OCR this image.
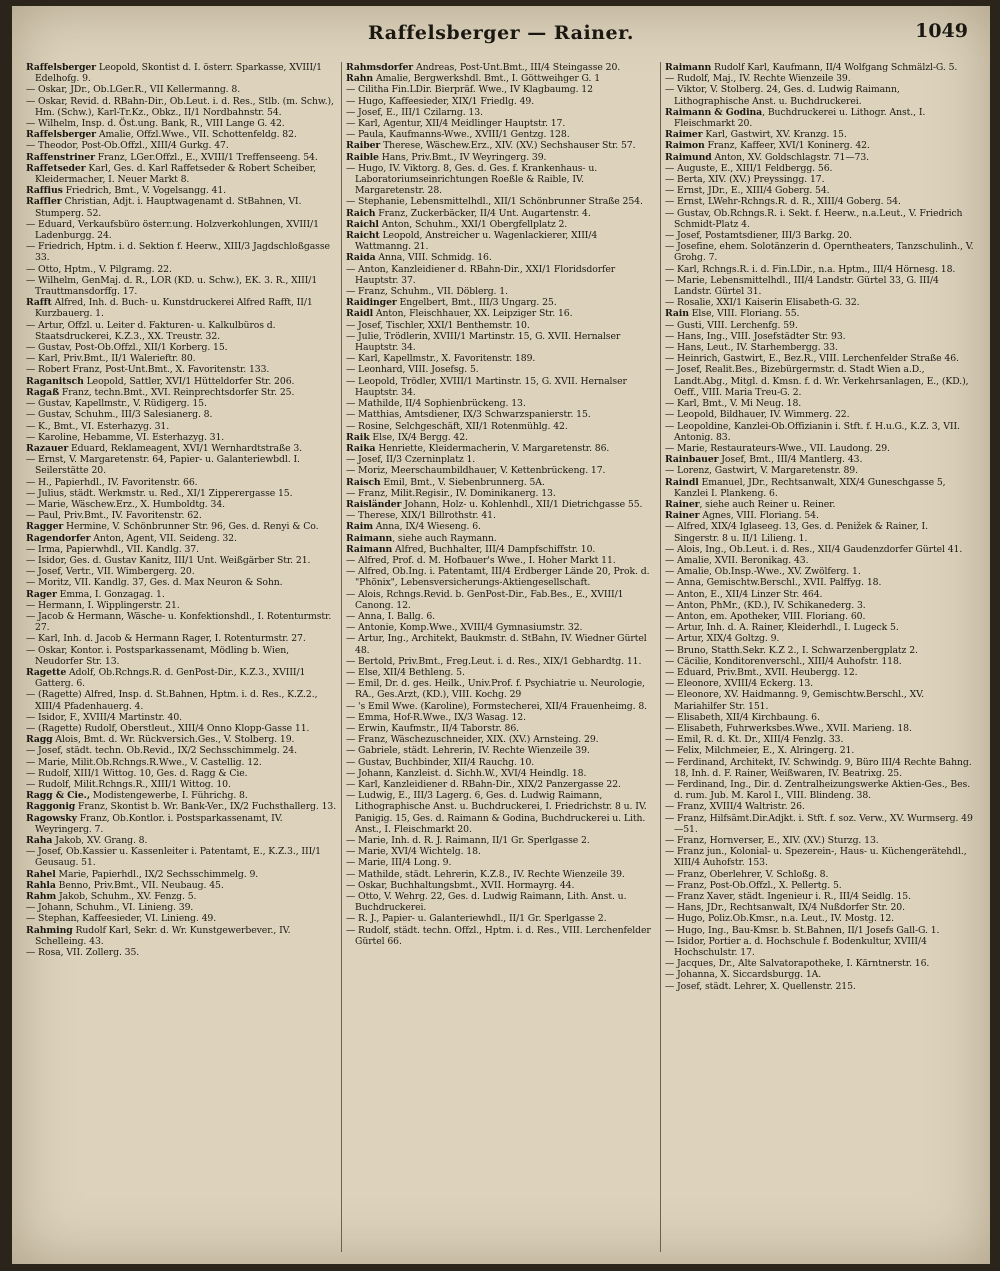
Raffelsberger — Rainer.	1049
Raffelsberger Leopold, Skontist d. I. österr. Sparkasse, XVIII/1 Edelhofg. 9.
— Oskar, JDr., Ob.LGer.R., VII Kellermanng. 8.
— Oskar, Revid. d. RBahn-Dir., Ob.Leut. i. d. Res., Stlb. (m. Schw.), Hm. (Schw.), Karl-Tr.Kz., Obkz., II/1 Nordbahnstr. 54.
— Wilhelm, Insp. d. Öst.ung. Bank, R., VIII Lange G. 42.
Raffelsberger Amalie, Offzl.Wwe., VII. Schottenfeldg. 82.
— Theodor, Post-Ob.Offzl., XIII/4 Gurkg. 47.
Raffenstriner Franz, LGer.Offzl., E., XVIII/1 Treffenseeng. 54.
Raffetseder Karl, Ges. d. Karl Raffetseder & Robert Scheiber, Kleidermacher, I. Neuer Markt 8.
Raffius Friedrich, Bmt., V. Vogelsangg. 41.
Raffler Christian, Adjt. i. Hauptwagenamt d. StBahnen, VI. Stumperg. 52.
— Eduard, Verkaufsbüro österr.ung. Holzverkohlungen, XVIII/1 Ladenburgg. 24.
— Friedrich, Hptm. i. d. Sektion f. Heerw., XIII/3 Jagdschloßgasse 33.
— Otto, Hptm., V. Pilgramg. 22.
— Wilhelm, GenMaj. d. R., LOR (KD. u. Schw.), EK. 3. R., XIII/1 Trauttmansdorffg. 17.
Rafft Alfred, Inh. d. Buch- u. Kunstdruckerei Alfred Rafft, II/1 Kurzbauerg. 1.
— Artur, Offzl. u. Leiter d. Fakturen- u. Kalkulbüros d. Staatsdruckerei, K.Z.3., XX. Treustr. 32.
— Gustav, Post-Ob.Offzl., XII/1 Korberg. 15.
— Karl, Priv.Bmt., II/1 Walerieftr. 80.
— Robert Franz, Post-Unt.Bmt., X. Favoritenstr. 133.
Raganitsch Leopold, Sattler, XVI/1 Hütteldorfer Str. 206.
Ragaß Franz, techn.Bmt., XVI. Reinprechtsdorfer Str. 25.
— Gustav, Kapellmstr., V. Rüdigerg. 15.
— Gustav, Schuhm., III/3 Salesianerg. 8.
— K., Bmt., VI. Esterhazyg. 31.
— Karoline, Hebamme, VI. Esterhazyg. 31.
Razauer Eduard, Reklameagent, XVI/1 Wernhardtstraße 3.
— Ernst, V. Margaretenstr. 64, Papier- u. Galanteriewbdl. I. Seilerstätte 20.
— H., Papierhdl., IV. Favoritenstr. 66.
— Julius, städt. Werkmstr. u. Red., XI/1 Zipperergasse 15.
— Marie, Wäschew.Erz., X. Humboldtg. 34.
— Paul, Priv.Bmt., IV. Favoritenstr. 62.
Ragger Hermine, V. Schönbrunner Str. 96, Ges. d. Renyi & Co.
Ragendorfer Anton, Agent, VII. Seideng. 32.
— Irma, Papierwhdl., VII. Kandlg. 37.
— Isidor, Ges. d. Gustav Kanitz, III/1 Unt. Weißgärber Str. 21.
— Josef, Vertr., VII. Wimbergerg. 20.
— Moritz, VII. Kandlg. 37, Ges. d. Max Neuron & Sohn.
Rager Emma, I. Gonzagag. 1.
— Hermann, I. Wipplingerstr. 21.
— Jacob & Hermann, Wäsche- u. Konfektionshdl., I. Rotenturmstr. 27.
— Karl, Inh. d. Jacob & Hermann Rager, I. Rotenturmstr. 27.
— Oskar, Kontor. i. Postsparkassenamt, Mödling b. Wien, Neudorfer Str. 13.
Ragette Adolf, Ob.Rchngs.R. d. GenPost-Dir., K.Z.3., XVIII/1 Gatterg. 6.
— (Ragette) Alfred, Insp. d. St.Bahnen, Hptm. i. d. Res., K.Z.2., XIII/4 Pfadenhauerg. 4.
— Isidor, F., XVIII/4 Martinstr. 40.
— (Ragette) Rudolf, Oberstleut., XIII/4 Onno Klopp-Gasse 11.
Ragg Alois, Bmt. d. Wr. Rückversich.Ges., V. Stolberg. 19.
— Josef, städt. techn. Ob.Revid., IX/2 Sechsschimmelg. 24.
— Marie, Milit.Ob.Rchngs.R.Wwe., V. Castellig. 12.
— Rudolf, XIII/1 Wittog. 10, Ges. d. Ragg & Cie.
— Rudolf, Milit.Rchngs.R., XIII/1 Wittog. 10.
Ragg & Cie., Modistengewerbe, I. Führichg. 8.
Raggonig Franz, Skontist b. Wr. Bank-Ver., IX/2 Fuchsthallerg. 13.
Ragowsky Franz, Ob.Kontlor. i. Postsparkassenamt, IV. Weyringerg. 7.
Raha Jakob, XV. Grang. 8.
— Josef, Ob.Kassier u. Kassenleiter i. Patentamt, E., K.Z.3., III/1 Geusaug. 51.
Rahel Marie, Papierhdl., IX/2 Sechsschimmelg. 9.
Rahla Benno, Priv.Bmt., VII. Neubaug. 45.
Rahm Jakob, Schuhm., XV. Fenzg. 5.
— Johann, Schuhm., VI. Linieng. 39.
— Stephan, Kaffeesieder, VI. Linieng. 49.
Rahming Rudolf Karl, Sekr. d. Wr. Kunstgewerbever., IV. Schelleing. 43.
— Rosa, VII. Zollerg. 35.
Rahmsdorfer Andreas, Post-Unt.Bmt., III/4 Steingasse 20.
Rahn Amalie, Bergwerkshdl. Bmt., I. Göttweihger G. 1
— Cilitha Fin.LDir. Bierpräf. Wwe., IV Klagbaumg. 12
— Hugo, Kaffeesieder, XIX/1 Friedlg. 49.
— Josef, E., III/1 Czilarng. 13.
— Karl, Agentur, XII/4 Meidlinger Hauptstr. 17.
— Paula, Kaufmanns-Wwe., XVIII/1 Gentzg. 128.
Raiber Therese, Wäschew.Erz., XIV. (XV.) Sechshauser Str. 57.
Raible Hans, Priv.Bmt., IV Weyringerg. 39.
— Hugo, IV. Viktorg. 8, Ges. d. Ges. f. Krankenhaus- u. Laboratoriumseinrichtungen Roeßle & Raible, IV. Margaretenstr. 28.
— Stephanie, Lebensmittelhdl., XII/1 Schönbrunner Straße 254.
Raich Franz, Zuckerbäcker, II/4 Unt. Augartenstr. 4.
Raichl Anton, Schuhm., XXI/1 Obergfellplatz 2.
Raicht Leopold, Anstreicher u. Wagenlackierer, XIII/4 Wattmanng. 21.
Raida Anna, VIII. Schmidg. 16.
— Anton, Kanzleidiener d. RBahn-Dir., XXI/1 Floridsdorfer Hauptstr. 37.
— Franz, Schuhm., VII. Döblerg. 1.
Raidinger Engelbert, Bmt., III/3 Ungarg. 25.
Raidl Anton, Fleischhauer, XX. Leipziger Str. 16.
— Josef, Tischler, XXI/1 Benthemstr. 10.
— Julie, Trödlerin, XVIII/1 Martinstr. 15, G. XVII. Hernalser Hauptstr. 34.
— Karl, Kapellmstr., X. Favoritenstr. 189.
— Leonhard, VIII. Josefsg. 5.
— Leopold, Trödler, XVIII/1 Martinstr. 15, G. XVII. Hernalser Hauptstr. 34.
— Mathilde, II/4 Sophienbrückeng. 13.
— Matthias, Amtsdiener, IX/3 Schwarzspanierstr. 15.
— Rosine, Selchgeschäft, XII/1 Rotenmühlg. 42.
Raik Else, IX/4 Bergg. 42.
Raika Henriette, Kleidermacherin, V. Margaretenstr. 86.
— Josef, II/3 Czerninplatz 1.
— Moriz, Meerschaumbildhauer, V. Kettenbrückeng. 17.
Raisch Emil, Bmt., V. Siebenbrunnerg. 5A.
— Franz, Milit.Regisir., IV. Dominikanerg. 13.
Raisländer Johann, Holz- u. Kohlenhdl., XII/1 Dietrichgasse 55.
— Therese, XIX/1 Billrothstr. 41.
Raim Anna, IX/4 Wieseng. 6.
Raimann, siehe auch Raymann.
Raimann Alfred, Buchhalter, III/4 Dampfschiffstr. 10.
— Alfred, Prof. d. M. Hofbauer's Wwe., I. Hoher Markt 11.
— Alfred, Ob.Ing. i. Patentamt, III/4 Erdberger Lände 20, Prok. d. "Phönix", Lebensversicherungs-Aktiengesellschaft.
— Alois, Rchngs.Revid. b. GenPost-Dir., Fab.Bes., E., XVIII/1 Canong. 12.
— Anna, I. Ballg. 6.
— Antonie, Komp.Wwe., XVIII/4 Gymnasiumstr. 32.
— Artur, Ing., Architekt, Baukmstr. d. StBahn, IV. Wiedner Gürtel 48.
— Bertold, Priv.Bmt., Freg.Leut. i. d. Res., XIX/1 Gebhardtg. 11.
— Else, XII/4 Bethleng. 5.
— Emil, Dr. d. ges. Heilk., Univ.Prof. f. Psychiatrie u. Neurologie, RA., Ges.Arzt, (KD.), VIII. Kochg. 29
— 's Emil Wwe. (Karoline), Formstecherei, XII/4 Frauenheimg. 8.
— Emma, Hof-R.Wwe., IX/3 Wasag. 12.
— Erwin, Kaufmstr., II/4 Taborstr. 86.
— Franz, Wäschezuschneider, XIX. (XV.) Arnsteing. 29.
— Gabriele, städt. Lehrerin, IV. Rechte Wienzeile 39.
— Gustav, Buchbinder, XII/4 Rauchg. 10.
— Johann, Kanzleist. d. Sichh.W., XVI/4 Heindlg. 18.
— Karl, Kanzleidiener d. RBahn-Dir., XIX/2 Panzergasse 22.
— Ludwig, E., III/3 Lagerg. 6, Ges. d. Ludwig Raimann, Lithographische Anst. u. Buchdruckerei, I. Friedrichstr. 8 u. IV. Panigig. 15, Ges. d. Raimann & Godina, Buchdruckerei u. Lith. Anst., I. Fleischmarkt 20.
— Marie, Inh. d. R. J. Raimann, II/1 Gr. Sperlgasse 2.
— Marie, XVI/4 Wichtelg. 18.
— Marie, III/4 Long. 9.
— Mathilde, städt. Lehrerin, K.Z.8., IV. Rechte Wienzeile 39.
— Oskar, Buchhaltungsbmt., XVII. Hormayrg. 44.
— Otto, V. Wehrg. 22, Ges. d. Ludwig Raimann, Lith. Anst. u. Buchdruckerei.
— R. J., Papier- u. Galanteriewhdl., II/1 Gr. Sperlgasse 2.
— Rudolf, städt. techn. Offzl., Hptm. i. d. Res., VIII. Lerchenfelder Gürtel 66.
Raimann Rudolf Karl, Kaufmann, II/4 Wolfgang Schmälzl-G. 5.
— Rudolf, Maj., IV. Rechte Wienzeile 39.
— Viktor, V. Stolberg. 24, Ges. d. Ludwig Raimann, Lithographische Anst. u. Buchdruckerei.
Raimann & Godina, Buchdruckerei u. Lithogr. Anst., I. Fleischmarkt 20.
Raimer Karl, Gastwirt, XV. Kranzg. 15.
Raimon Franz, Kaffeer, XVI/1 Koninerg. 42.
Raimund Anton, XV. Goldschlagstr. 71—73.
— Auguste, E., XIII/1 Feldbergg. 56.
— Berta, XIV. (XV.) Preyssingg. 17.
— Ernst, JDr., E., XIII/4 Goberg. 54.
— Ernst, LWehr-Rchngs.R. d. R., XIII/4 Goberg. 54.
— Gustav, Ob.Rchngs.R. i. Sekt. f. Heerw., n.a.Leut., V. Friedrich Schmidt-Platz 4.
— Josef, Postamtsdiener, III/3 Barkg. 20.
— Josefine, ehem. Solotänzerin d. Operntheaters, Tanzschulinh., V. Grohg. 7.
— Karl, Rchngs.R. i. d. Fin.LDir., n.a. Hptm., III/4 Hörnesg. 18.
— Marie, Lebensmittelhdl., III/4 Landstr. Gürtel 33, G. III/4 Landstr. Gürtel 31.
— Rosalie, XXI/1 Kaiserin Elisabeth-G. 32.
Rain Else, VIII. Floriang. 55.
— Gusti, VIII. Lerchenfg. 59.
— Hans, Ing., VIII. Josefstädter Str. 93.
— Hans, Leut., IV. Starhembergg. 33.
— Heinrich, Gastwirt, E., Bez.R., VIII. Lerchenfelder Straße 46.
— Josef, Realit.Bes., Bizebürgermstr. d. Stadt Wien a.D., Landt.Abg., Mitgl. d. Kmsn. f. d. Wr. Verkehrsanlagen, E., (KD.), Oeff., VIII. Maria Treu-G. 2.
— Karl, Bmt., V. Mi Neug. 18.
— Leopold, Bildhauer, IV. Wimmerg. 22.
— Leopoldine, Kanzlei-Ob.Offizianin i. Stft. f. H.u.G., K.Z. 3, VII. Antonig. 83.
— Marie, Restaurateurs-Wwe., VII. Laudong. 29.
Rainbauer Josef, Bmt., III/4 Mantlerg. 43.
— Lorenz, Gastwirt, V. Margaretenstr. 89.
Raindl Emanuel, JDr., Rechtsanwalt, XIX/4 Guneschgasse 5, Kanzlei I. Plankeng. 6.
Rainer, siehe auch Reiner u. Reiner.
Rainer Agnes, VIII. Floriang. 54.
— Alfred, XIX/4 Iglaseeg. 13, Ges. d. Penižek & Rainer, I. Singerstr. 8 u. II/1 Lilieng. 1.
— Alois, Ing., Ob.Leut. i. d. Res., XII/4 Gaudenzdorfer Gürtel 41.
— Amalie, XVII. Beronikag. 43.
— Amalie, Ob.Insp.-Wwe., XV. Zwölferg. 1.
— Anna, Gemischtw.Berschl., XVII. Palffyg. 18.
— Anton, E., XII/4 Linzer Str. 464.
— Anton, PhMr., (KD.), IV. Schikanederg. 3.
— Anton, em. Apotheker, VIII. Floriang. 60.
— Artur, Inh. d. A. Rainer, Kleiderhdl., I. Lugeck 5.
— Artur, XIX/4 Goltzg. 9.
— Bruno, Statth.Sekr. K.Z 2., I. Schwarzenbergplatz 2.
— Cäcilie, Konditorenverschl., XIII/4 Auhofstr. 118.
— Eduard, Priv.Bmt., XVII. Heubergg. 12.
— Eleonore, XVIII/4 Eckerg. 13.
— Eleonore, XV. Haidmanng. 9, Gemischtw.Berschl., XV. Mariahilfer Str. 151.
— Elisabeth, XII/4 Kirchbaung. 6.
— Elisabeth, Fuhrwerksbes.Wwe., XVII. Marieng. 18.
— Emil, R. d. Kt. Dr., XIII/4 Fenzlg. 33.
— Felix, Milchmeier, E., X. Alringerg. 21.
— Ferdinand, Architekt, IV. Schwindg. 9, Büro III/4 Rechte Bahng. 18, Inh. d. F. Rainer, Weißwaren, IV. Beatrixg. 25.
— Ferdinand, Ing., Dir. d. Zentralheizungswerke Aktien-Ges., Bes. d. rum. Jub. M. Karol I., VIII. Blindeng. 38.
— Franz, XVIII/4 Waltristr. 26.
— Franz, Hilfsämt.Dir.Adjkt. i. Stft. f. soz. Verw., XV. Wurmserg. 49—51.
— Franz, Hornverser, E., XIV. (XV.) Sturzg. 13.
— Franz jun., Kolonial- u. Spezerein-, Haus- u. Küchengerätehdl., XIII/4 Auhofstr. 153.
— Franz, Oberlehrer, V. Schloßg. 8.
— Franz, Post-Ob.Offzl., X. Pellertg. 5.
— Franz Xaver, städt. Ingenieur i. R., III/4 Seidlg. 15.
— Hans, JDr., Rechtsanwalt, IX/4 Nußdorfer Str. 20.
— Hugo, Poliz.Ob.Kmsr., n.a. Leut., IV. Mostg. 12.
— Hugo, Ing., Bau-Kmsr. b. St.Bahnen, II/1 Josefs Gall-G. 1.
— Isidor, Portier a. d. Hochschule f. Bodenkultur, XVIII/4 Hochschulstr. 17.
— Jacques, Dr., Alte Salvatorapotheke, I. Kärntnerstr. 16.
— Johanna, X. Siccardsburgg. 1A.
— Josef, städt. Lehrer, X. Quellenstr. 215.
